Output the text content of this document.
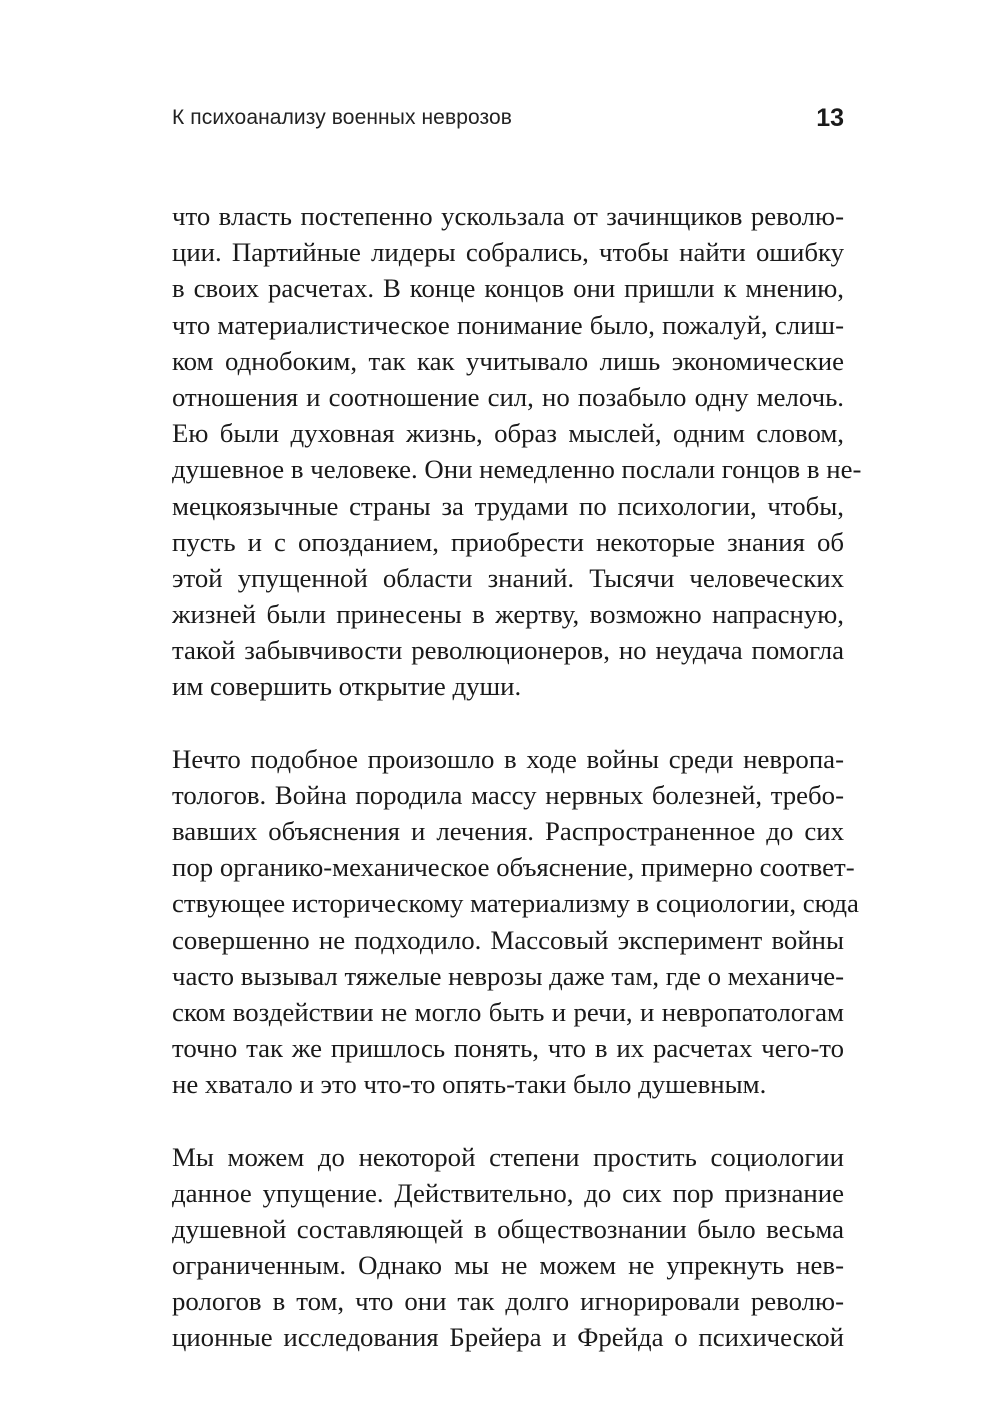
К психоанализу военных неврозов	13

что власть постепенно ускользала от зачинщиков револю-
ции. Партийные лидеры собрались, чтобы найти ошибку
в своих расчетах. В конце концов они пришли к мнению,
что материалистическое понимание было, пожалуй, слиш-
ком однобоким, так как учитывало лишь экономические
отношения и соотношение сил, но позабыло одну мелочь.
Ею были духовная жизнь, образ мыслей, одним словом,
душевное в человеке. Они немедленно послали гонцов в не-
мецкоязычные страны за трудами по психологии, чтобы,
пусть и с опозданием, приобрести некоторые знания об
этой упущенной области знаний. Тысячи человеческих
жизней были принесены в жертву, возможно напрасную,
такой забывчивости революционеров, но неудача помогла
им совершить открытие души.

Нечто подобное произошло в ходе войны среди невропа-
тологов. Война породила массу нервных болезней, требо-
вавших объяснения и лечения. Распространенное до сих
пор органико-механическое объяснение, примерно соответ-
ствующее историческому материализму в социологии, сюда
совершенно не подходило. Массовый эксперимент войны
часто вызывал тяжелые неврозы даже там, где о механиче-
ском воздействии не могло быть и речи, и невропатологам
точно так же пришлось понять, что в их расчетах чего-то
не хватало и это что-то опять-таки было душевным.

Мы можем до некоторой степени простить социологии
данное упущение. Действительно, до сих пор признание
душевной составляющей в обществознании было весьма
ограниченным. Однако мы не можем не упрекнуть нев-
рологов в том, что они так долго игнорировали револю-
ционные исследования Брейера и Фрейда о психической
